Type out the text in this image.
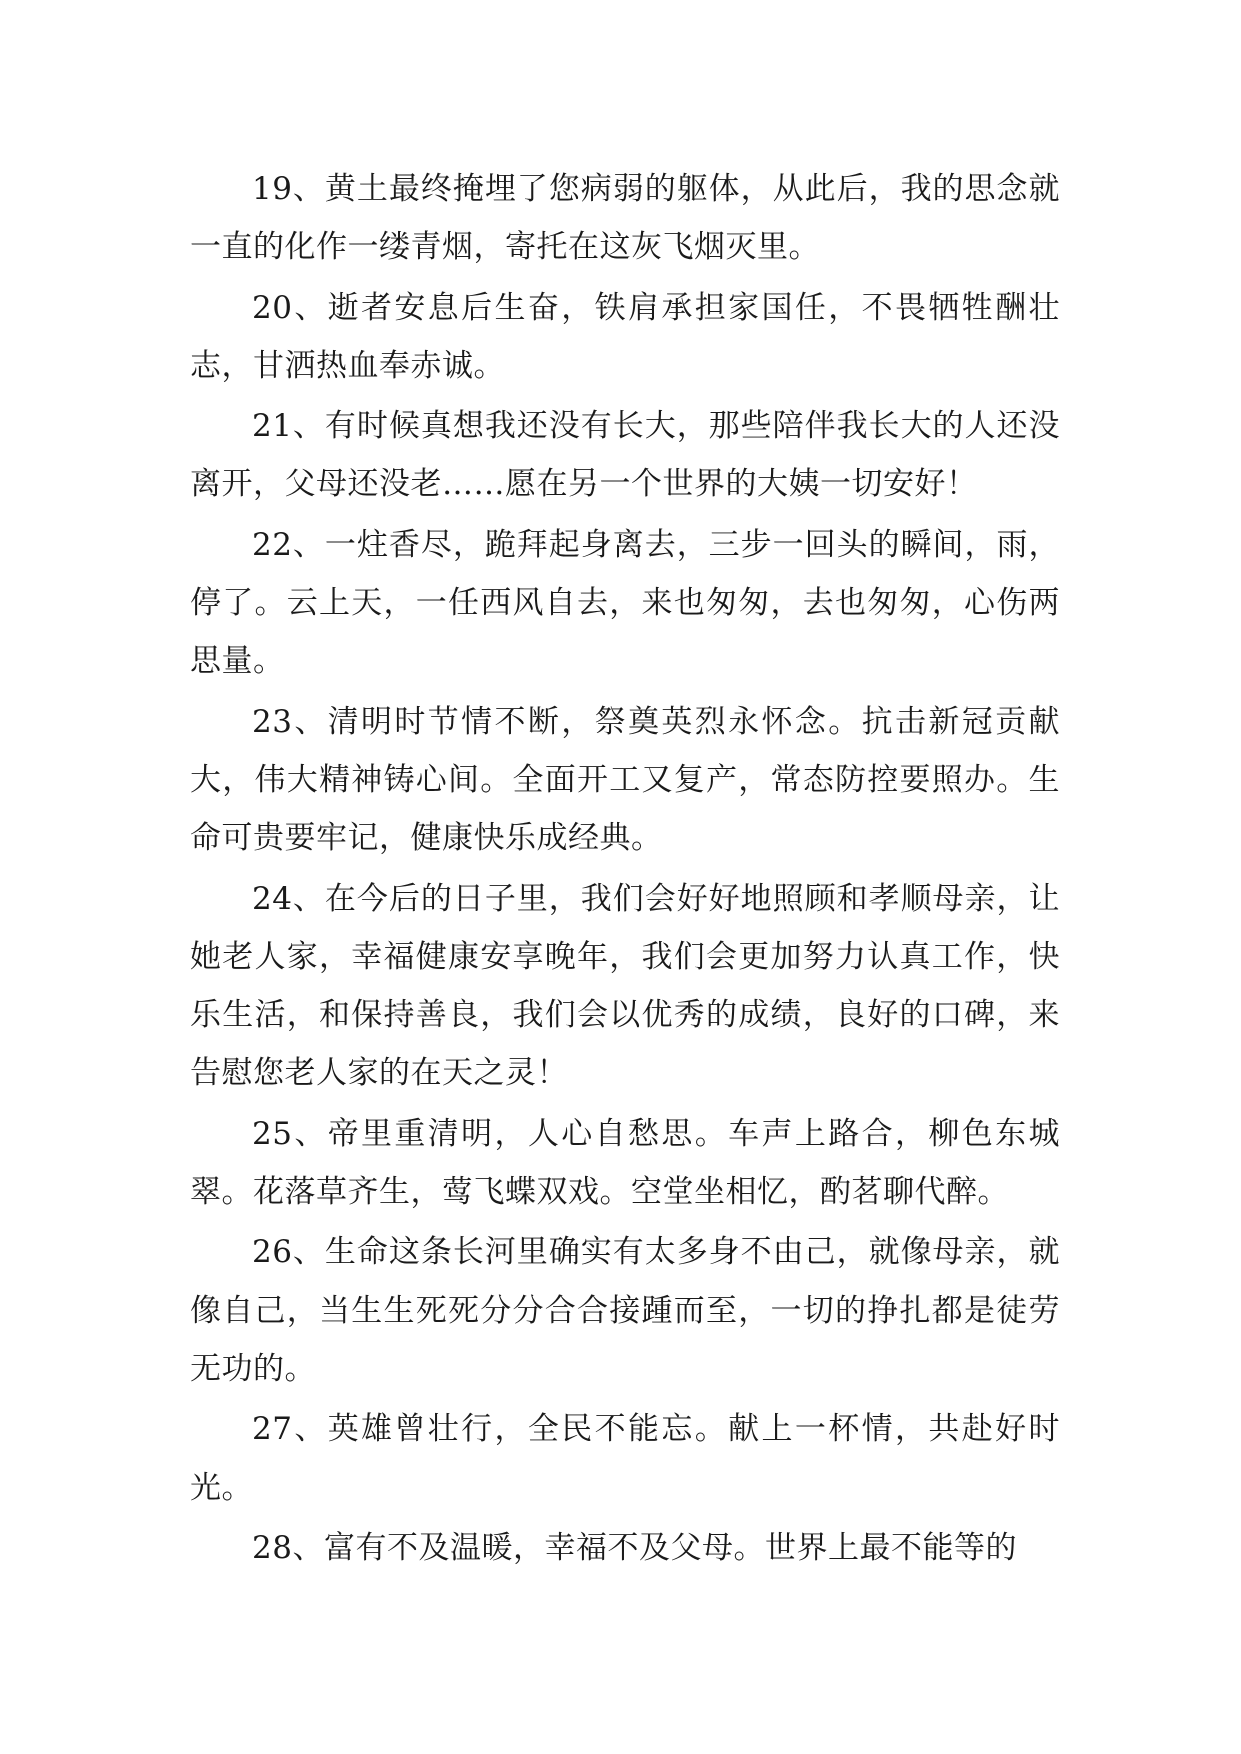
19、黄土最终掩埋了您病弱的躯体，从此后，我的思念就一直的化作一缕青烟，寄托在这灰飞烟灭里。

20、逝者安息后生奋，铁肩承担家国任，不畏牺牲酬壮志，甘洒热血奉赤诚。

21、有时候真想我还没有长大，那些陪伴我长大的人还没离开，父母还没老……愿在另一个世界的大姨一切安好！

22、一炷香尽，跪拜起身离去，三步一回头的瞬间，雨，停了。云上天，一任西风自去，来也匆匆，去也匆匆，心伤两思量。

23、清明时节情不断，祭奠英烈永怀念。抗击新冠贡献大，伟大精神铸心间。全面开工又复产，常态防控要照办。生命可贵要牢记，健康快乐成经典。

24、在今后的日子里，我们会好好地照顾和孝顺母亲，让她老人家，幸福健康安享晚年，我们会更加努力认真工作，快乐生活，和保持善良，我们会以优秀的成绩，良好的口碑，来告慰您老人家的在天之灵！

25、帝里重清明，人心自愁思。车声上路合，柳色东城翠。花落草齐生，莺飞蝶双戏。空堂坐相忆，酌茗聊代醉。

26、生命这条长河里确实有太多身不由己，就像母亲，就像自己，当生生死死分分合合接踵而至，一切的挣扎都是徒劳无功的。

27、英雄曾壮行，全民不能忘。献上一杯情，共赴好时光。

28、富有不及温暖，幸福不及父母。世界上最不能等的
